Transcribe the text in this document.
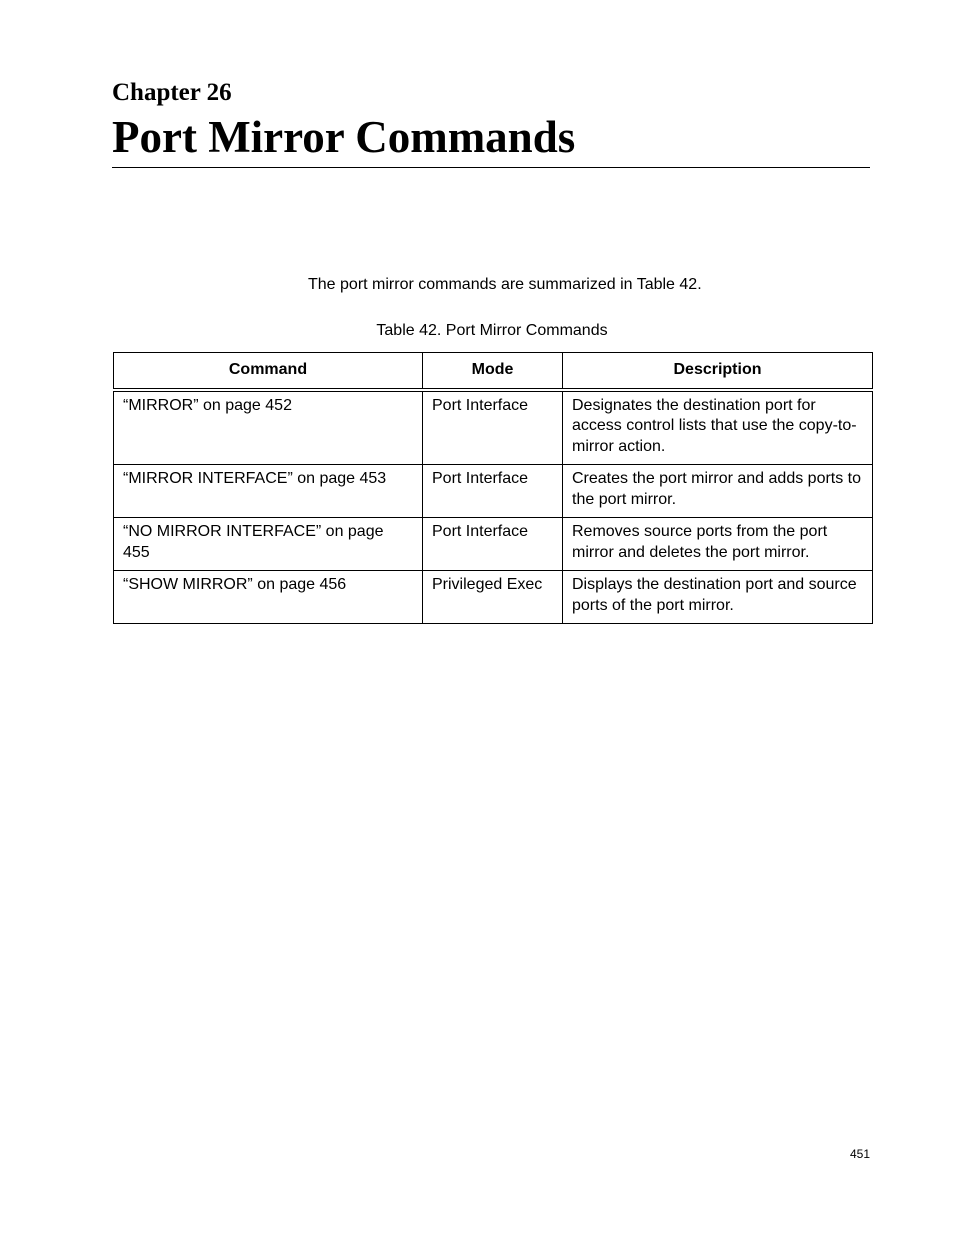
Chapter 26
Port Mirror Commands

The port mirror commands are summarized in Table 42.

Table 42. Port Mirror Commands

Command	Mode	Description
“MIRROR” on page 452	Port Interface	Designates the destination port for access control lists that use the copy-to-mirror action.
“MIRROR INTERFACE” on page 453	Port Interface	Creates the port mirror and adds ports to the port mirror.
“NO MIRROR INTERFACE” on page 455	Port Interface	Removes source ports from the port mirror and deletes the port mirror.
“SHOW MIRROR” on page 456	Privileged Exec	Displays the destination port and source ports of the port mirror.

451
